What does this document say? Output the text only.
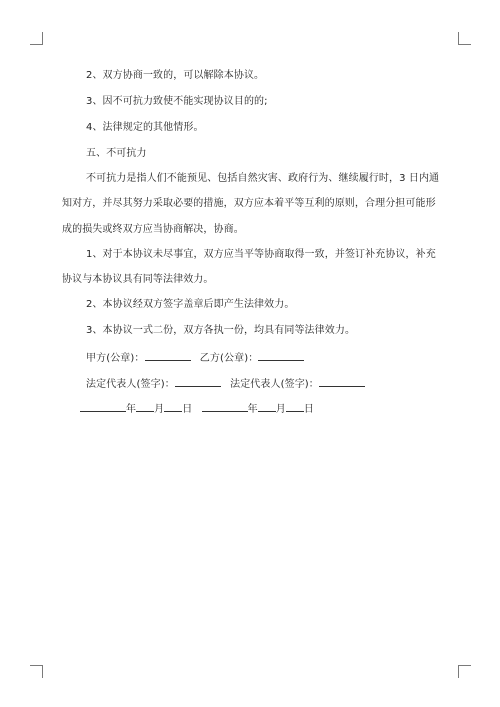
2、双方协商一致的，可以解除本协议。
3、因不可抗力致使不能实现协议目的的;
4、法律规定的其他情形。
五、不可抗力
不可抗力是指人们不能预见、包括自然灾害、政府行为、继续履行时，3 日内通
知对方，并尽其努力采取必要的措施，双方应本着平等互利的原则，合理分担可能形
成的损失或终双方应当协商解决，协商。
1、对于本协议未尽事宜，双方应当平等协商取得一致，并签订补充协议，补充
协议与本协议具有同等法律效力。
2、本协议经双方签字盖章后即产生法律效力。
3、本协议一式二份，双方各执一份，均具有同等法律效力。
甲方(公章)：	乙方(公章)：
法定代表人(签字)：	法定代表人(签字)：
年 月 日	年 月 日
